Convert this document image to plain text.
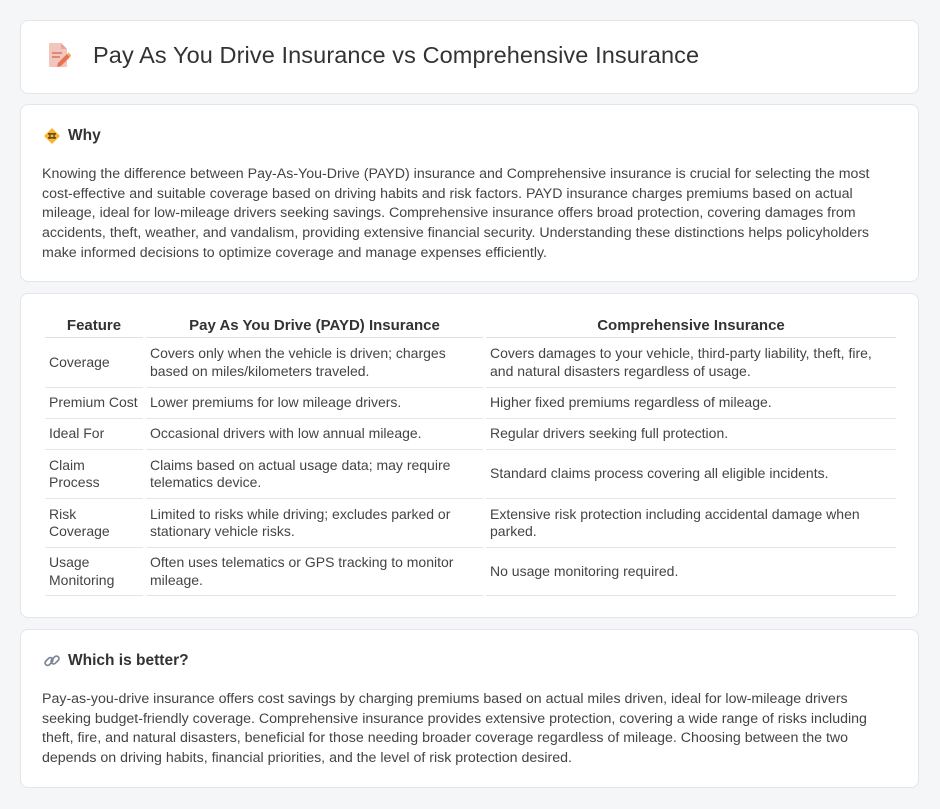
Pay As You Drive Insurance vs Comprehensive Insurance
Why

Knowing the difference between Pay-As-You-Drive (PAYD) insurance and Comprehensive insurance is crucial for selecting the most cost-effective and suitable coverage based on driving habits and risk factors. PAYD insurance charges premiums based on actual mileage, ideal for low-mileage drivers seeking savings. Comprehensive insurance offers broad protection, covering damages from accidents, theft, weather, and vandalism, providing extensive financial security. Understanding these distinctions helps policyholders make informed decisions to optimize coverage and manage expenses efficiently.

Feature	Pay As You Drive (PAYD) Insurance	Comprehensive Insurance
Coverage	Covers only when the vehicle is driven; charges based on miles/kilometers traveled.	Covers damages to your vehicle, third-party liability, theft, fire, and natural disasters regardless of usage.
Premium Cost	Lower premiums for low mileage drivers.	Higher fixed premiums regardless of mileage.
Ideal For	Occasional drivers with low annual mileage.	Regular drivers seeking full protection.
Claim Process	Claims based on actual usage data; may require telematics device.	Standard claims process covering all eligible incidents.
Risk Coverage	Limited to risks while driving; excludes parked or stationary vehicle risks.	Extensive risk protection including accidental damage when parked.
Usage Monitoring	Often uses telematics or GPS tracking to monitor mileage.	No usage monitoring required.
Which is better?

Pay-as-you-drive insurance offers cost savings by charging premiums based on actual miles driven, ideal for low-mileage drivers seeking budget-friendly coverage. Comprehensive insurance provides extensive protection, covering a wide range of risks including theft, fire, and natural disasters, beneficial for those needing broader coverage regardless of mileage. Choosing between the two depends on driving habits, financial priorities, and the level of risk protection desired.
